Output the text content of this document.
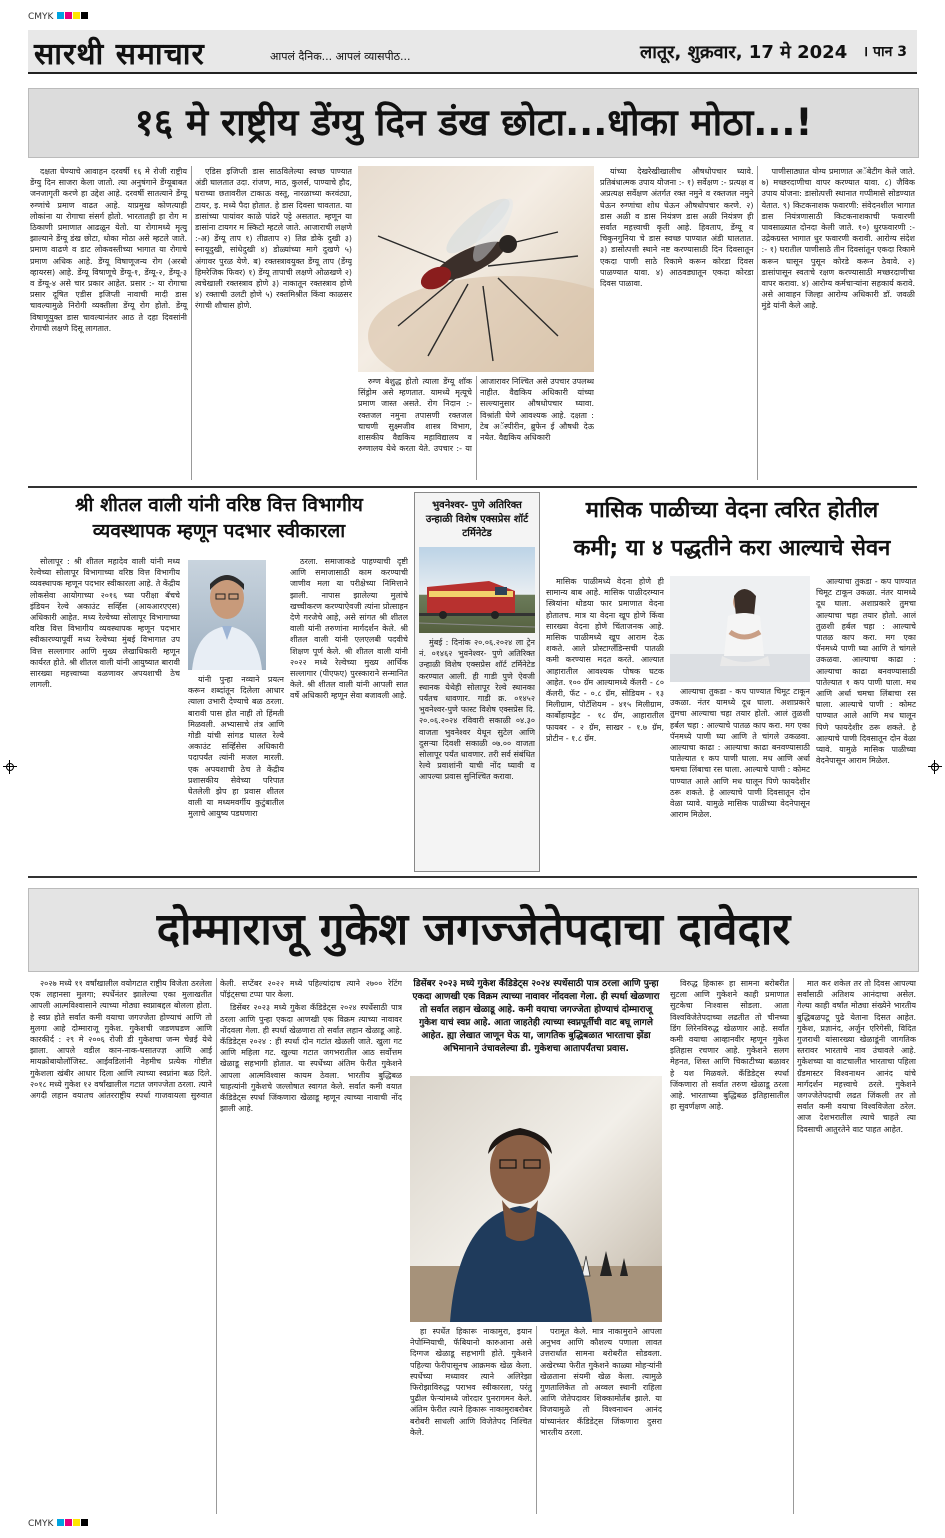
CMYK
CMYK
सारथी समाचार	आपलं दैनिक... आपलं व्यासपीठ...	लातूर, शुक्रवार, 17 मे 2024 । पान 3
१६ मे राष्ट्रीय डेंग्यु दिन डंख छोटा...धोका मोठा...!

दक्षता घेण्याचे आवाहन दरवर्षी १६ मे रोजी राष्ट्रीय डेंग्यु दिन साजरा केला जातो. त्या अनुषंगाने डेंग्यूबाबत जनजागृती करणे हा उद्देश आहे. दरवर्षी सातत्याने डेंग्यू रुग्णांचे प्रमाण वाढत आहे. याप्रमुख कोणत्याही लोकांना या रोगाचा संसर्ग होतो. भारतातही हा रोग म ठिकाणी प्रमाणात आढळून येतो. या रोगामध्ये मृत्यु झाल्याने डेंग्यू डंख छोटा, धोका मोठा असे म्हटले जाते. प्रमाण वाढणे व डाट लोकवस्तीच्या भागात या रोगाचे प्रमाण अधिक आहे. डेंग्यू विषाणूजन्य रोग (अरबो व्हायरस) आहे. डेंग्यू विषाणूचे डेंग्यू-१, डेंग्यू-२, डेंग्यू-३ व डेंग्यू-४ असे चार प्रकार आहेत. प्रसार :- या रोगाचा प्रसार दूषित एडीस इजिप्ती नावाची मादी डास चावल्यामुळे निरोगी व्यक्तीला डेंग्यू रोग होतो. डेंग्यू विषाणूयुक्त डास चावल्यानंतर आठ ते दहा दिवसांनी रोगाची लक्षणे दिसू लागतात.

एडिस इजिप्ती डास साठविलेल्या स्वच्छ पाण्यात अंडी घालतात उदा. रांजण, माठ, कुलर्स, पाण्याचे हौद, घराच्या छतावरील टाकाऊ वस्तू, नारळाच्या करवंट्या, टायर, इ. मध्ये पैदा होतात. हे डास दिवसा चावतात. या डासांच्या पायांवर काळे पांढरे पट्टे असतात. म्हणून या डासांना टायगर म स्किटो म्हटले जाते. आजाराची लक्षणे :-अ) डेंग्यू ताप १) तीव्रताप २) तिव्र डोके दुखी ३) स्नायूदुखी, सांधेदुखी ४) डोळ्यांच्या मागे दुखणे ५) अंगावर पुरळ येणे. ब) रक्तस्त्रावयुक्त डेंग्यू ताप (डेंग्यू हिमरेजिक फिवर) १) डेंग्यू तापाची लक्षणे ओळखणे २) त्वचेखाली रक्तस्त्राव होणे ३) नाकातून रक्तस्त्राव होणे ४) रक्ताची उलटी होणे ५) रक्तमिश्रीत किंवा काळसर रंगाची शौचास होणे.

रुग्ण बेशुद्ध होतो त्याला डेंग्यू शॉक सिंड्रोम असे म्हणतात. यामध्ये मृत्यूचे प्रमाण जास्त असते. रोग निदान :-रक्तजल नमुना तपासणी रक्तजल चाचणी सुक्ष्मजीव शास्त्र विभाग, शासकीय वैद्यकिय महाविद्यालय व रुग्णालय येथे करता येते. उपचार :- या आजारावर निश्चित असे उपचार उपलब्ध नाहीत. वैद्यकिय अधिकारी यांच्या सल्ल्यानुसार औषधोपचार घ्यावा. विश्रांती घेणे आवश्यक आहे. दक्षता : टेब अॅस्पीरीन, ब्रुफेन ई औषधी देऊ नयेत. वैद्यकिय अधिकारी

यांच्या देखरेखीखालीच औषधोपचार घ्यावे. प्रतिबंधात्मक उपाय योजना :- १) सर्वेक्षण :- प्रत्यक्ष व अप्रत्यक्ष सर्वेक्षण अंतर्गत रक्त नमुने व रक्तजल नमुने घेऊन रुग्णांचा शोध घेऊन औषधोपचार करणे. २) डास अळी व डास नियंत्रण डास अळी नियंत्रण ही सर्वात महत्त्वाची कृती आहे. हिवताप, डेंग्यू व चिकुनगुनिया चे डास स्वच्छ पाण्यात अंडी घालतात. ३) डासोत्पत्ती स्थाने नष्ट करण्यासाठी दिन दिवसातून एकदा पाणी साठे रिकामे करून कोरडा दिवस पाळण्यात यावा. ४) आठवड्यातून एकदा कोरडा दिवस पाळावा.

पाणीसाठ्यात योग्य प्रमाणात अॅबेटीग केले जाते. ७) मच्छरदाणीचा वापर करण्यात यावा. ८) जैविक उपाय योजना: डासोत्पत्ती स्थानात गप्पीमासे सोडण्यात येतात. ९) किटकनाशक फवारणी: संवेदनशील भागात डास नियंत्रणासाठी किटकनाशकाची फवारणी पावसाळ्यात दोनदा केली जाते. १०) धुरफवारणी :- उद्रेकग्रस्त भागात धुर फवारणी करावी. आरोग्य संदेश :- १) घरातील पाणीसाठे तीन दिवसांतून एकदा रिकामे करून घासून पुसून कोरडे करून ठेवावे. २) डासांपासून स्वतःचे रक्षण करण्यासाठी मच्छरदाणीचा वापर करावा. ४) आरोग्य कर्मचाऱ्यांना सहकार्य करावे. असे आवाहन जिल्हा आरोग्य अधिकारी डॉ. जवळी मुंडे यांनी केले आहे.

श्री शीतल वाली यांनी वरिष्ठ वित्त विभागीय
व्यवस्थापक म्हणून पदभार स्वीकारला

सोलापूर : श्री शीतल महादेव वाली यांनी मध्य रेल्वेच्या सोलापूर विभागाच्या वरिष्ठ वित्त विभागीय व्यवस्थापक म्हणून पदभार स्वीकारला आहे. ते केंद्रीय लोकसेवा आयोगाच्या २०१६ च्या परीक्षा बॅचचे इंडियन रेल्वे अकाउंट सर्व्हिस (आयआरएएस) अधिकारी आहेत. मध्य रेल्वेच्या सोलापूर विभागाच्या वरिष्ठ वित्त विभागीय व्यवस्थापक म्हणून पदभार स्वीकारण्यापूर्वी मध्य रेल्वेच्या मुंबई विभागात उप वित्त सल्लागार आणि मुख्य लेखाधिकारी म्हणून कार्यरत होते. श्री शीतल वाली यांनी आयुष्यात बारावी सारख्या महत्त्वाच्या वळणावर अपयशाची ठेच लागली.

यांनी पुन्हा नव्याने प्रयत्न करून शब्दांतून दिलेला आधार त्याला उभारी देण्याचे बळ ठरला. बारावी पास होत नाही तो हिंमती मिळवली. अभ्यासाचे तंत्र आणि गोडी यांची सांगड घालत रेल्वे अकाउंट सर्व्हिसेस अधिकारी पदापर्यंत त्यांनी मजल मारली. एक अपयशाची ठेच ते केंद्रीय प्रशासकीय सेवेच्या परिपात घेतलेली झेप हा प्रवास शीतल वाली या मध्यमवर्गीय कुटुंबातील मुलाचे आयुष्य पडघणारा

ठरला. समाजाकडे पाहण्याची दृष्टी आणि समाजासाठी काम करण्याची जाणीव मला या परीक्षेच्या निमित्ताने झाली. नापास झालेल्या मुलांचे खच्चीकरण करण्याऐवजी त्यांना प्रोत्साहन देणे गरजेचे आहे, असे सांगत श्री शीतल वाली यांनी तरुणांना मार्गदर्शन केले. श्री शीतल वाली यांनी एलएलबी पदवीचे शिक्षण पूर्ण केले. श्री शीतल वाली यांनी २०२२ मध्ये रेल्वेच्या मुख्य आर्थिक सल्लागार (पीएफए) पुरस्काराने सन्मानित केले. श्री शीतल वाली यांनी आपली सात वर्षे अधिकारी म्हणून सेवा बजावली आहे.

भुवनेश्वर- पुणे अतिरिक्त उन्हाळी विशेष एक्सप्रेस शॉर्ट टर्मिनेटेड

मुंबई : दिनांक २०.०६.२०२४ ला ट्रेन नं. ०१४६२ भुवनेश्वर- पुणे अतिरिक्त उन्हाळी विशेष एक्सप्रेस शॉर्ट टर्मिनेटेड करण्यात आली. ही गाडी पुणे ऐवजी स्थानक येथेही सोलापूर रेल्वे स्थानका पर्यंतच धावणार. गाडी क्र. ०१४५२ भुवनेश्वर-पुणे फास्ट विशेष एक्सप्रेस दि. २०.०६.२०२४ रविवारी सकाळी ०४.३० वाजता भुवनेश्वर येथून सुटेल आणि दुसऱ्या दिवशी सकाळी ०७.०० वाजता सोलापूर पर्यंत धावणार. तरी सर्व संबंधित रेल्वे प्रवाशांनी याची नोंद घ्यावी व आपल्या प्रवास सुनिश्चित करावा.

मासिक पाळीच्या वेदना त्वरित होतील
कमी; या ४ पद्धतीने करा आल्याचे सेवन

मासिक पाळीमध्ये वेदना होणे ही सामान्य बाब आहे. मासिक पाळीदरम्यान स्त्रियांना थोडया फार प्रमाणात वेदना होतातच. मात्र या वेदना खूप होणे किंवा सारख्या वेदना होणे चिंताजनक आहे. मासिक पाळीमध्ये खूप आराम देऊ शकते. आले प्रोस्टाग्लँडिन्सची पातळी कमी करण्यास मदत करते. आल्यात आहारातील आवश्यक पोषक घटक आहेत. १०० ग्रॅम आल्यामध्ये कॅलरी - ८० कॅलरी, फॅट - ०.८ ग्रॅम, सोडियम - १३ मिलीग्राम, पोटॅशियम - ४१५ मिलीग्राम, कार्बोहायड्रेट - १८ ग्रॅम, आहारातील फायबर - २ ग्रॅम, साखर - १.७ ग्रॅम, प्रोटीन - १.८ ग्रॅम.

आल्याचा तुकडा - कप पाण्यात चिमूट टाकून उकळा. नंतर यामध्ये दूध घाला. अशाप्रकारे तुमचा आल्याचा चहा तयार होतो. आलं तुळशी हर्बल चहा : आल्याचे पातळ काप करा. मग एका पॅनमध्ये पाणी घ्या आणि ते चांगले उकळवा. आल्याचा काढा : आल्याचा काढा बनवण्यासाठी पातेल्यात १ कप पाणी घाला. मध आणि अर्धा चमचा लिंबाचा रस घाला. आल्याचे पाणी : कोमट पाण्यात आले आणि मध घालून पिणे फायदेशीर ठरू शकते. हे आल्याचे पाणी दिवसातून दोन वेळा प्यावे. यामुळे मासिक पाळीच्या वेदनेपासून आराम मिळेल.

आल्याचा तुकडा - कप पाण्यात चिमूट टाकून उकळा. नंतर यामध्ये दूध घाला. अशाप्रकारे तुमचा आल्याचा चहा तयार होतो. आलं तुळशी हर्बल चहा : आल्याचे पातळ काप करा. मग एका पॅनमध्ये पाणी घ्या आणि ते चांगले उकळवा. आल्याचा काढा : आल्याचा काढा बनवण्यासाठी पातेल्यात १ कप पाणी घाला. मध आणि अर्धा चमचा लिंबाचा रस घाला. आल्याचे पाणी : कोमट पाण्यात आले आणि मध घालून पिणे फायदेशीर ठरू शकते. हे आल्याचे पाणी दिवसातून दोन वेळा प्यावे. यामुळे मासिक पाळीच्या वेदनेपासून आराम मिळेल.

दोम्माराजू गुकेश जगज्जेतेपदाचा दावेदार

२०२७ मध्ये ११ वर्षांखालील वयोगटात राष्ट्रीय विजेता ठरलेला एक लहानसा मुलगा; स्पर्धेनंतर झालेल्या एका मुलाखतीत आपली आत्मविश्वासाने त्याच्या मोठ्या स्वप्नाबद्दल बोलला होता. हे स्वप्न होते सर्वात कमी वयाचा जगज्जेता होण्याचं आणि तो मुलगा आहे दोम्माराजू गुकेश. गुकेशची जडणघडण आणि कारकीर्द : २९ मे २००६ रोजी डी गुकेशचा जन्म चेन्नई येथे झाला. आपले वडील कान-नाक-घसातज्ज्ञ आणि आई मायक्रोबायोलॉजिस्ट. आईवडिलांनी नेहमीच प्रत्येक गोष्टीत गुकेशला खंबीर आधार दिला आणि त्याच्या स्वप्नांना बळ दिले. २०१८ मध्ये गुकेश १२ वर्षांखालील गटात जगज्जेता ठरला. त्याने अगदी लहान वयातच आंतरराष्ट्रीय स्पर्धा गाजवायला सुरुवात केली. सप्टेंबर २०२२ मध्ये पहिल्यांदाच त्याने २७०० रेटिंग पॉइंट्सचा टप्पा पार केला.

डिसेंबर २०२३ मध्ये गुकेश कँडिडेट्स २०२४ स्पर्धेसाठी पात्र ठरला आणि पुन्हा एकदा आणखी एक विक्रम त्याच्या नावावर नोंदवला गेला. ही स्पर्धा खेळणारा तो सर्वात लहान खेळाडू आहे. कँडिडेट्स २०२४ : ही स्पर्धा दोन गटांत खेळली जाते. खुला गट आणि महिला गट. खुल्या गटात जगभरातील आठ सर्वोत्तम खेळाडू सहभागी होतात. या स्पर्धेच्या अंतिम फेरीत गुकेशने आपला आत्मविश्वास कायम ठेवला. भारतीय बुद्धिबळ चाहत्यांनी गुकेशचे जल्लोषात स्वागत केले. सर्वात कमी वयात कँडिडेट्स स्पर्धा जिंकणारा खेळाडू म्हणून त्याच्या नावाची नोंद झाली आहे.

डिसेंबर २०२३ मध्ये गुकेश कँडिडेट्स २०२४ स्पर्धेसाठी पात्र ठरला आणि पुन्हा एकदा आणखी एक विक्रम त्याच्या नावावर नोंदवला गेला. ही स्पर्धा खेळणारा तो सर्वात लहान खेळाडू आहे. कमी वयाचा जगज्जेता होण्याचं दोम्माराजू गुकेश याचं स्वप्न आहे. आता जाहतेही त्याच्या स्वप्नपूर्तीची वाट बघू लागले आहेत. ह्या लेखात जाणून घेऊ या, जागतिक बुद्धिबळात भारताचा झेंडा अभिमानाने उंचावलेल्या डी. गुकेशचा आतापर्यंतचा प्रवास.

हा स्पर्धेत हिकारू नाकामुरा, इयान नेपोम्नियाची, फॅबियानो कारुआना असे दिग्गज खेळाडू सहभागी होते. गुकेशने पहिल्या फेरीपासूनच आक्रमक खेळ केला. स्पर्धेच्या मध्यावर त्याने अलिरेझा फिरोझाविरुद्ध पराभव स्वीकारला, परंतु पुढील फेऱ्यांमध्ये जोरदार पुनरागमन केले. अंतिम फेरीत त्याने हिकारू नाकामुराबरोबर बरोबरी साधली आणि विजेतेपद निश्चित केले.

परामूत केले. मात्र नाकामुराने आपला अनुभव आणि कौशल्य पणाला लावत उत्तरार्धात सामना बरोबरीत सोडवला. अखेरच्या फेरीत गुकेशने काळ्या मोहऱ्यांनी खेळताना संयमी खेळ केला. त्यामुळे गुणतालिकेत तो अव्वल स्थानी राहिला आणि जेतेपदावर शिक्कामोर्तब झाले. या विजयामुळे तो विश्वनाथन आनंद यांच्यानंतर कँडिडेट्स जिंकणारा दुसरा भारतीय ठरला.

विरुद्ध हिकारू हा सामना बरोबरीत सुटला आणि गुकेशने काही प्रमाणात सुटकेचा निःश्वास सोडला. आता विश्वविजेतेपदाच्या लढतीत तो चीनच्या डिंग लिरेनविरुद्ध खेळणार आहे. सर्वांत कमी वयाचा आव्हानवीर म्हणून गुकेश इतिहास रचणार आहे. गुकेशने सलग मेहनत, शिस्त आणि चिकाटीच्या बळावर हे यश मिळवले. कँडिडेट्स स्पर्धा जिंकणारा तो सर्वात तरुण खेळाडू ठरला आहे. भारताच्या बुद्धिबळ इतिहासातील हा सुवर्णक्षण आहे.

मात कर शकेल तर तो दिवस आपल्या सर्वांसाठी अतिशय आनंदाचा असेल. गेल्या काही वर्षांत मोठ्या संख्येने भारतीय बुद्धिबळपटू पुढे येताना दिसत आहेत. गुकेश, प्रज्ञानंद, अर्जुन एरिगेसी, विदित गुजराथी यांसारख्या खेळाडूंनी जागतिक स्तरावर भारताचे नाव उंचावले आहे. गुकेशच्या या वाटचालीत भारताचा पहिला ग्रँडमास्टर विश्वनाथन आनंद यांचे मार्गदर्शन महत्त्वाचे ठरले. गुकेशने जगज्जेतेपदाची लढत जिंकली तर तो सर्वात कमी वयाचा विश्वविजेता ठरेल. आज देशभरातील त्याचे चाहते त्या दिवसाची आतुरतेने वाट पाहत आहेत.
